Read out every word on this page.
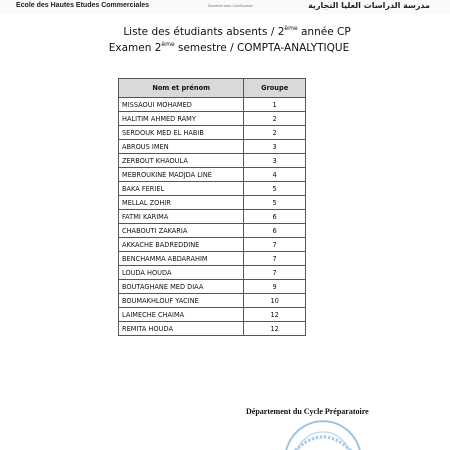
Ecole des Hautes Etudes Commerciales	Numérisé avec CamScanner	مدرسة الدراسات العليا التجارية
Liste des étudiants absents / 2ème année CP
Examen 2ème semestre / COMPTA-ANALYTIQUE
Nom et prénom	Groupe
MISSAOUI MOHAMED	1
HALITIM AHMED RAMY	2
SERDOUK MED EL HABIB	2
ABROUS IMEN	3
ZERBOUT KHAOULA	3
MEBROUKINE MADJDA LINE	4
BAKA FERIEL	5
MELLAL ZOHIR	5
FATMI KARIMA	6
CHABOUTI ZAKARIA	6
AKKACHE BADREDDINE	7
BENCHAMMA ABDARAHIM	7
LOUDA HOUDA	7
BOUTAGHANE MED DIAA	9
BOUMAKHLOUF YACINE	10
LAIMECHE CHAIMA	12
REMITA HOUDA	12
Département du Cycle Préparatoire
